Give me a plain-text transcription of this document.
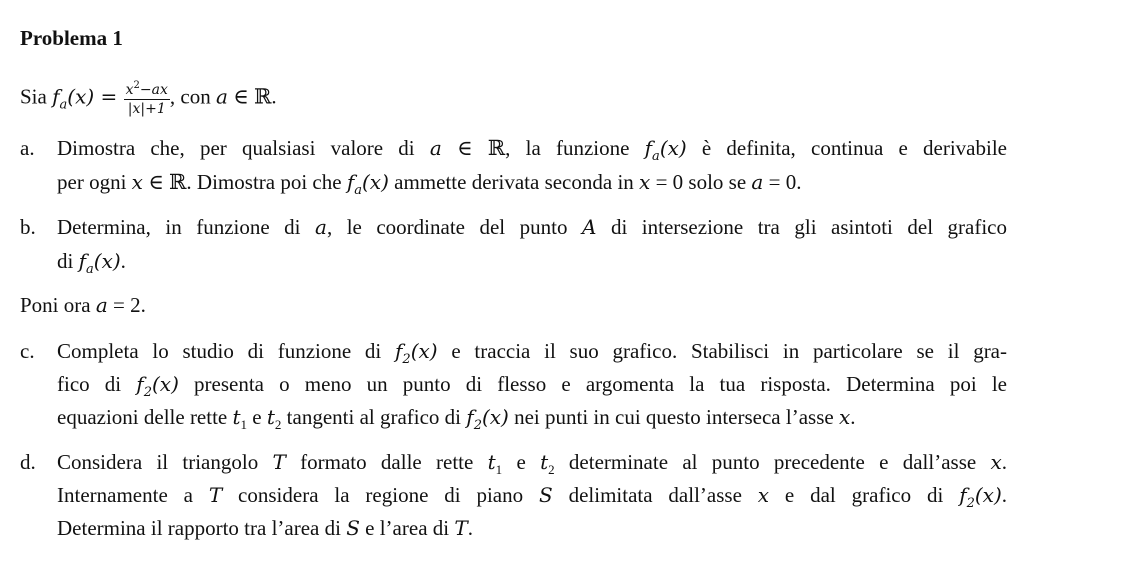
Problema 1
Sia $f_a(x) = \frac{x^2-ax}{|x|+1}$ , con a ∈ ℝ.
a. Dimostra che, per qualsiasi valore di a ∈ ℝ, la funzione $f_a(x)$ è definita, continua e derivabile
per ogni x ∈ ℝ. Dimostra poi che $f_a(x)$ ammette derivata seconda in x = 0 solo se a = 0.
b. Determina, in funzione di a, le coordinate del punto A di intersezione tra gli asintoti del grafico
di $f_a(x)$.
Poni ora a = 2.
c. Completa lo studio di funzione di $f_2(x)$ e traccia il suo grafico. Stabilisci in particolare se il gra-
fico di $f_2(x)$ presenta o meno un punto di flesso e argomenta la tua risposta. Determina poi le
equazioni delle rette $t_1$ e $t_2$ tangenti al grafico di $f_2(x)$ nei punti in cui questo interseca l’asse x.
d. Considera il triangolo T formato dalle rette $t_1$ e $t_2$ determinate al punto precedente e dall’asse x.
Internamente a T considera la regione di piano S delimitata dall’asse x e dal grafico di $f_2(x)$.
Determina il rapporto tra l’area di S e l’area di T.
